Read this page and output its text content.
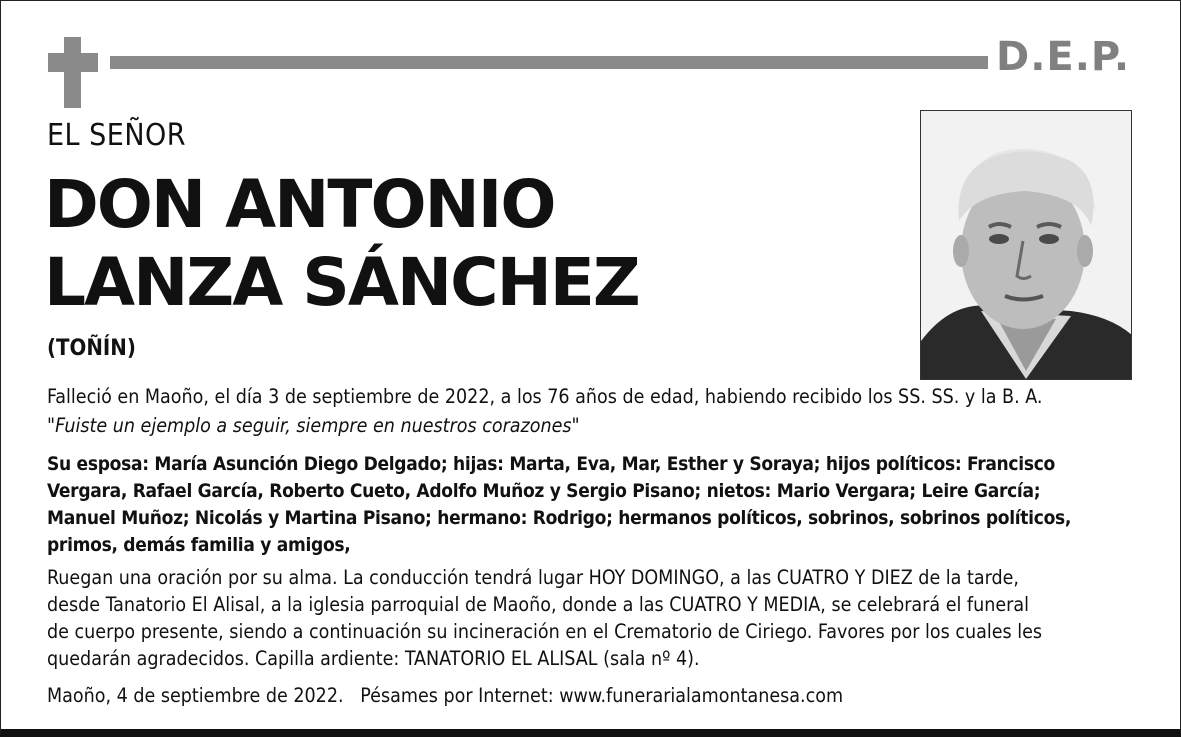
D.E.P.
EL SEÑOR
DON ANTONIO
LANZA SÁNCHEZ
(TOÑÍN)
Falleció en Maoño, el día 3 de septiembre de 2022, a los 76 años de edad, habiendo recibido los SS. SS. y la B. A.
"Fuiste un ejemplo a seguir, siempre en nuestros corazones"
Su esposa: María Asunción Diego Delgado; hijas: Marta, Eva, Mar, Esther y Soraya; hijos políticos: Francisco
Vergara, Rafael García, Roberto Cueto, Adolfo Muñoz y Sergio Pisano; nietos: Mario Vergara; Leire García;
Manuel Muñoz; Nicolás y Martina Pisano; hermano: Rodrigo; hermanos políticos, sobrinos, sobrinos políticos,
primos, demás familia y amigos,
Ruegan una oración por su alma. La conducción tendrá lugar HOY DOMINGO, a las CUATRO Y DIEZ de la tarde,
desde Tanatorio El Alisal, a la iglesia parroquial de Maoño, donde a las CUATRO Y MEDIA, se celebrará el funeral
de cuerpo presente, siendo a continuación su incineración en el Crematorio de Ciriego. Favores por los cuales les
quedarán agradecidos. Capilla ardiente: TANATORIO EL ALISAL (sala nº 4).
Maoño, 4 de septiembre de 2022.   Pésames por Internet: www.funerarialamontanesa.com
